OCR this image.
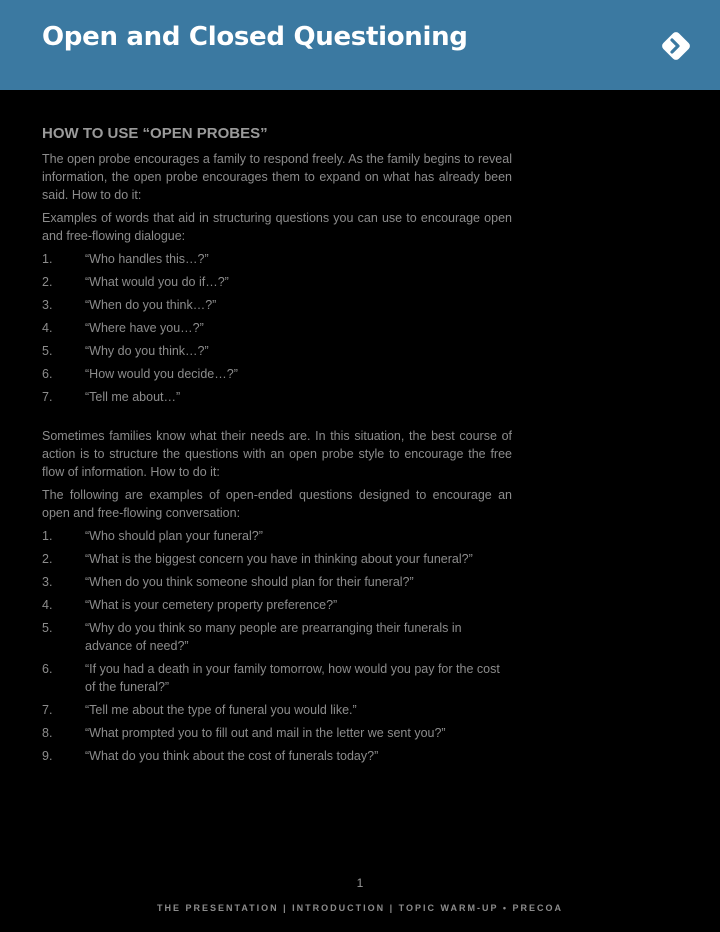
Open and Closed Questioning
HOW TO USE “OPEN PROBES”

The open probe encourages a family to respond freely. As the family begins to reveal information, the open probe encourages them to expand on what has already been said. How to do it:

Examples of words that aid in structuring questions you can use to encourage open and free-flowing dialogue:

1.	“Who handles this…?”
2.	“What would you do if…?”
3.	“When do you think…?”
4.	“Where have you…?”
5.	“Why do you think…?”
6.	“How would you decide…?”
7.	“Tell me about…”

Sometimes families know what their needs are. In this situation, the best course of action is to structure the questions with an open probe style to encourage the free flow of information. How to do it:

The following are examples of open-ended questions designed to encourage an open and free-flowing conversation:

1.	“Who should plan your funeral?”
2.	“What is the biggest concern you have in thinking about your funeral?”
3.	“When do you think someone should plan for their funeral?”
4.	“What is your cemetery property preference?”
5.	“Why do you think so many people are prearranging their funerals in advance of need?”
6.	“If you had a death in your family tomorrow, how would you pay for the cost of the funeral?”
7.	“Tell me about the type of funeral you would like.”
8.	“What prompted you to fill out and mail in the letter we sent you?”
9.	“What do you think about the cost of funerals today?”
1
THE PRESENTATION | INTRODUCTION | TOPIC WARM-UP • PRECOA
